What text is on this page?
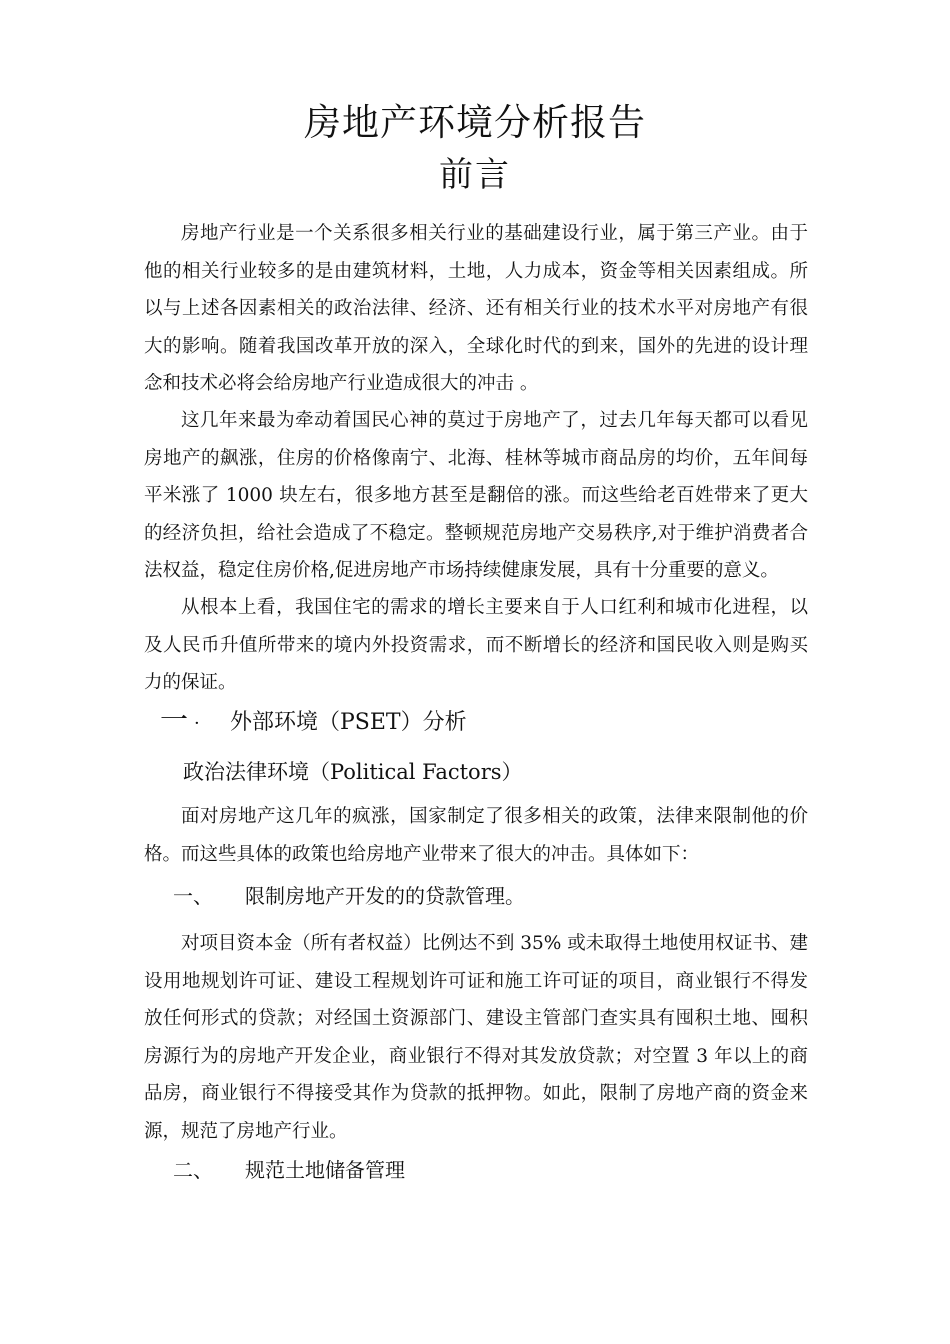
房地产环境分析报告
前言

房地产行业是一个关系很多相关行业的基础建设行业，属于第三产业。由于他的相关行业较多的是由建筑材料，土地，人力成本，资金等相关因素组成。所以与上述各因素相关的政治法律、经济、还有相关行业的技术水平对房地产有很大的影响。随着我国改革开放的深入，全球化时代的到来，国外的先进的设计理念和技术必将会给房地产行业造成很大的冲击 。

这几年来最为牵动着国民心神的莫过于房地产了，过去几年每天都可以看见房地产的飙涨，住房的价格像南宁、北海、桂林等城市商品房的均价，五年间每平米涨了 1000 块左右，很多地方甚至是翻倍的涨。而这些给老百姓带来了更大的经济负担，给社会造成了不稳定。整顿规范房地产交易秩序,对于维护消费者合法权益，稳定住房价格,促进房地产市场持续健康发展，具有十分重要的意义。

从根本上看，我国住宅的需求的增长主要来自于人口红利和城市化进程，以及人民币升值所带来的境内外投资需求，而不断增长的经济和国民收入则是购买力的保证。

一 · 外部环境（PSET）分析
政治法律环境（Political Factors）

面对房地产这几年的疯涨，国家制定了很多相关的政策，法律来限制他的价格。而这些具体的政策也给房地产业带来了很大的冲击。具体如下：

一、 限制房地产开发的的贷款管理。

对项目资本金（所有者权益）比例达不到 35% 或未取得土地使用权证书、建设用地规划许可证、建设工程规划许可证和施工许可证的项目，商业银行不得发放任何形式的贷款；对经国土资源部门、建设主管部门查实具有囤积土地、囤积房源行为的房地产开发企业，商业银行不得对其发放贷款；对空置 3 年以上的商品房，商业银行不得接受其作为贷款的抵押物。如此，限制了房地产商的资金来源，规范了房地产行业。

二、 规范土地储备管理
